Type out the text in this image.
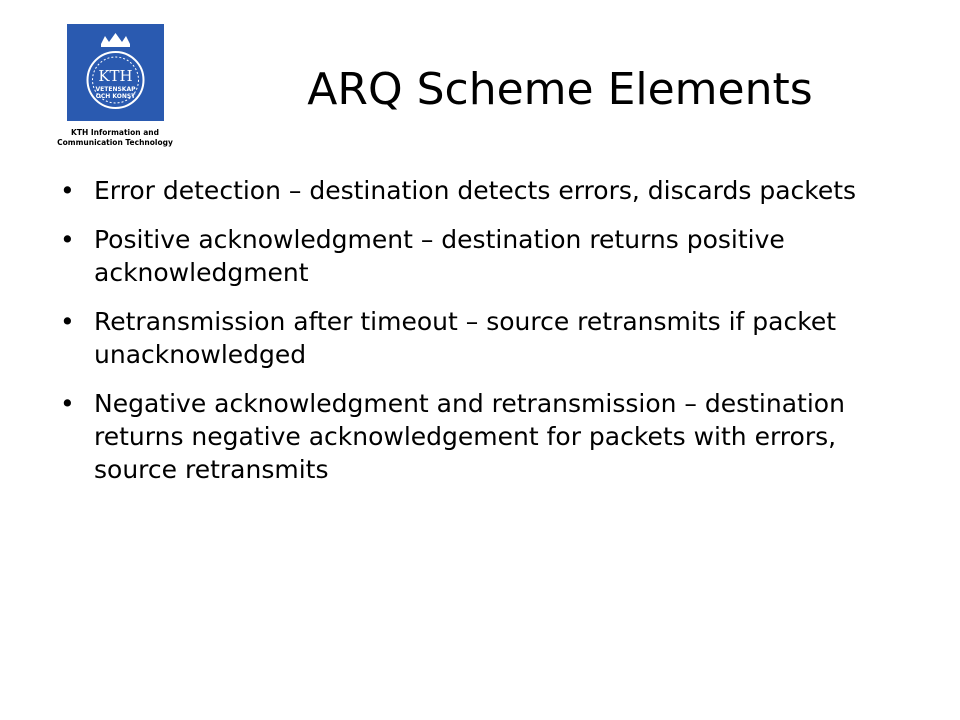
KTH
VETENSKAP
OCH KONST
KTH Information and
Communication Technology
ARQ Scheme Elements
• Error detection – destination detects errors, discards packets
• Positive acknowledgment – destination returns positive acknowledgment
• Retransmission after timeout – source retransmits if packet unacknowledged
• Negative acknowledgment and retransmission – destination returns negative acknowledgement for packets with errors, source retransmits
